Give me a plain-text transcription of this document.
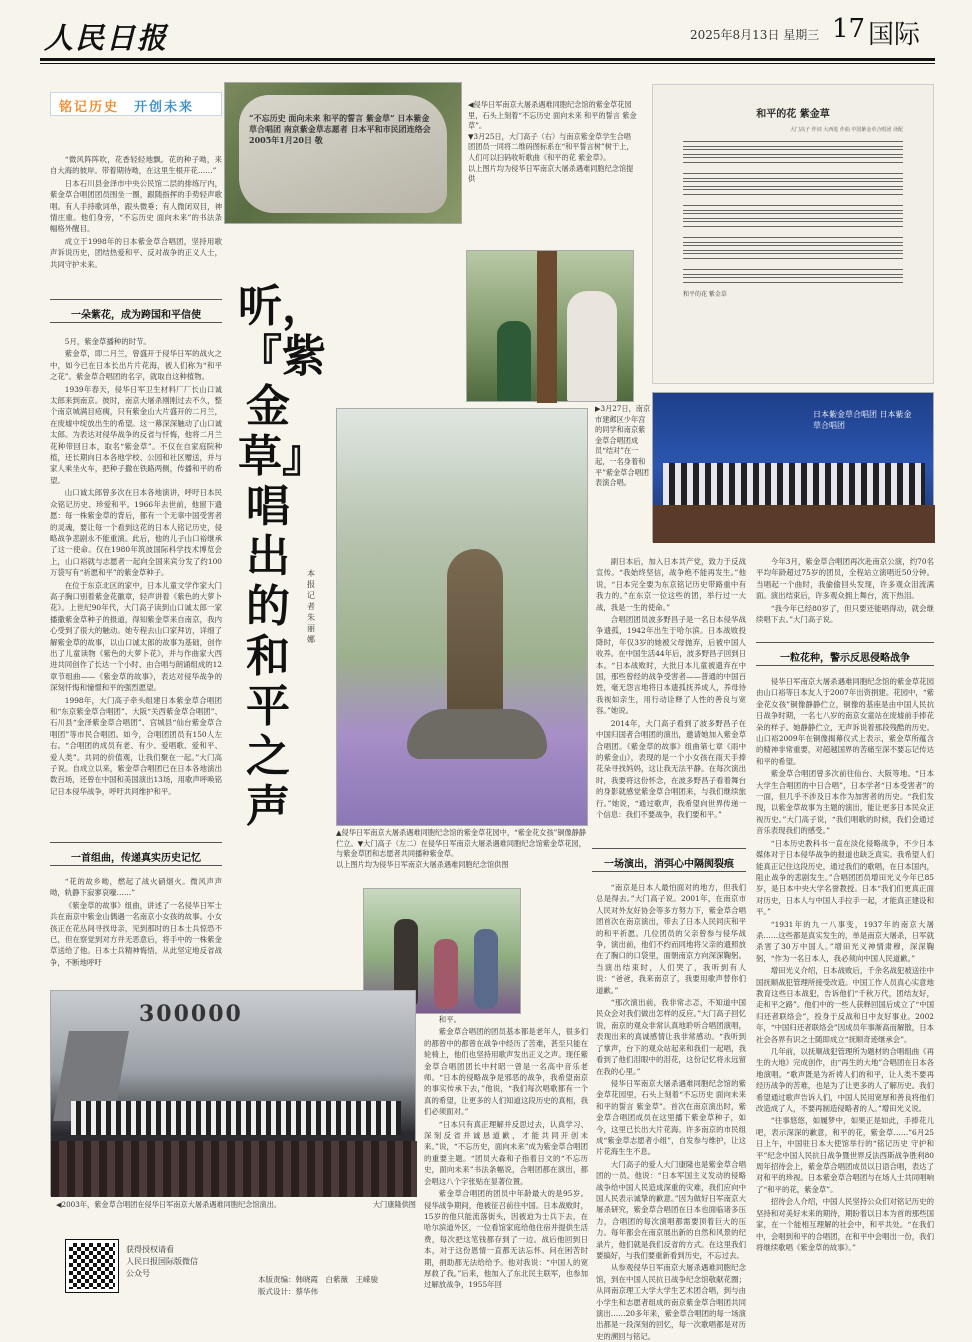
人民日报	2025年8月13日 星期三 17 国际
铭记历史　 开创未来

“微风阵阵吹，花香轻轻地飘。花的种子呦，来自大海的彼岸。带着期待呦，在这里生根开花……”

日本石川县金泽市中央公民馆二层的排练厅内，紫金草合唱团团员围坐一圈，跟随指挥的手势轻声歌唱。有人手持歌词单，跟头微垂；有人微闭双目，神情庄重。他们身旁，“不忘历史 面向未来”的书法条幅格外醒目。

成立于1998年的日本紫金草合唱团，坚持用歌声诉说历史，团结热爱和平、反对战争的正义人士，共同守护未来。

一朵紫花，成为跨国和平信使

5月，紫金草播种的时节。

紫金草，即二月兰，曾盛开于侵华日军的战火之中，如今已在日本长出片片花海，被人们称为“和平之花”。紫金草合唱团的名字，就取自这种植物。

1939年春天，侵华日军卫生材料厂厂长山口诚太郎来到南京。彼时，南京大屠杀刚刚过去不久，整个南京城满目疮痍，只有紫金山大片盛开的二月兰，在废墟中绽放出生的希望。这一幕深深触动了山口诚太郎。为表达对侵华战争的反省与忏悔，他将二月兰花种带回日本，取名“紫金草”。不仅在自家庭院种植，还长期向日本各地学校、公园和社区赠送，并与家人乘坐火车，把种子撒在铁路两侧，传播和平的希望。

山口诚太郎曾多次在日本各地演讲，呼吁日本民众铭记历史、珍爱和平。1966年去世前，他留下遗愿：每一株紫金草的背后，都有一个无辜中国受害者的灵魂，要让每一个看到这花的日本人铭记历史，侵略战争悲剧永不能重演。此后，他的儿子山口裕继承了这一使命。仅在1980年筑波国际科学技术博览会上，山口裕就与志愿者一起向全国来宾分发了约100万袋写有“祈愿和平”的紫金草种子。

在位于东京北区的家中，日本儿童文学作家大门高子胸口别着紫金花徽章，轻声讲着《紫色的大萝卜花》。上世纪90年代，大门高子读到山口诚太郎一家播撒紫金草种子的报道，得知紫金草来自南京，我内心受到了很大的触动。她专程去山口家拜访，详细了解紫金草的故事，以山口诚太郎的故事为基础，创作出了儿童读物《紫色的大萝卜花》，并与作曲家大西进共同创作了长达一个小时、由合唱与朗诵组成的12章节组曲——《紫金草的故事》，表达对侵华战争的深刻忏悔和憧憬和平的强烈愿望。

1998年，大门高子牵头组建日本紫金草合唱团和“东京紫金草合唱团”、大阪“关西紫金草合唱团”、石川县“金泽紫金草合唱团”、宫城县“仙台紫金草合唱团”等市民合唱团。如今，合唱团团员有150人左右。“合唱团的成员有老、有少、爱唱歌、爱和平、爱人类”。共同的价值观，让我们聚在一起。”大门高子说。自成立以来，紫金草合唱团已在日本各地演出数百场，还曾在中国和美国演出13场，用歌声呼唤铭记日本侵华战争，呼吁共同维护和平。

一首组曲，传递真实历史记忆

“花的故乡呦，燃起了战火硝烟火。微风声声呦，轨静下寂寥哀嚎……”

《紫金草的故事》组曲，讲述了一名侵华日军士兵在南京中紫金山偶遇一名南京小女孩的故事。小女孩正在花丛间寻找母亲，见到那时的日本士兵惊恐不已，但在察觉到对方并无恶意后，将手中的一株紫金草送给了他。日本士兵精神悔悟，从此坚定地反省战争，不断地呼吁

“不忘历史 面向未来 和平的誓言 紫金草” 日本紫金草合唱团 南京紫金草志愿者 日本平和市民团连络会 2005年1月20日 敬
◀侵华日军南京大屠杀遇难同胞纪念馆的紫金草花园里，石头上刻着“不忘历史 面向未来 和平的誓言 紫金草”。
▼3月25日，大门高子（右）与南京紫金草学生合唱团团员一同将二维码图标系在“和平誓言树”树干上，人们可以扫码收听歌曲《和平的花 紫金草》。
以上图片均为侵华日军南京大屠杀遇难同胞纪念馆提供
▶3月27日，南京市建邺区少年宫的同学和南京紫金草合唱团成员“结对”在一起，一名身着和平”紫金草合唱团表演合唱。
和平的花 紫金草
大门高子 作词 大西进 作曲 中国紫金草合唱团 译配
和平的花 紫金草
日本紫金草合唱团 日本紫金草合唱团
听，『紫金草』唱出的和平之声
本报记者 朱丽娜
▲侵华日军南京大屠杀遇难同胞纪念馆的紫金草花园中，“紫金花女孩”铜像静静伫立。▼大门高子（左二）在侵华日军南京大屠杀遇难同胞纪念馆紫金草花园，与紫金草团和志愿者共同播种紫金草。
以上图片均为侵华日军南京大屠杀遇难同胞纪念馆供图

副日本后，加入日本共产党，致力于反战宣传。“我始终坚信，战争绝不能再发生。”他说，“日本完全要为东京铭记历史带路重中有我力的。”在东京一位这些的团，举行过一大战，我是一生的使命。”

合唱团团员波多野昌子是一名日本侵华战争遗孤，1942年出生于哈尔滨。日本战败投降时，年仅3岁的她被父母抛弃，后被中国人收养。在中国生活44年后，波多野昌子回到日本。“日本战败时，大批日本儿童被遗弃在中国，那些曾经的战争受害者——普通的中国百姓，毫无怨言地将日本遗孤抚养成人，养母待我视如亲生，用行动诠释了人性的善良与宽容。”她说。

2014年，大门高子看到了波多野昌子在中国归国者合唱团的演出，邀请她加入紫金草合唱团。《紫金草的故事》组曲第七章《雨中的紫金山》，表现的是一个小女孩在雨天手捧花朵寻找妈妈，这让我无法平静。在每次演出时，我要将这份怀念，在波多野昌子看着舞台的身影就感觉紫金草合唱团来，与我们继续旅行。”她说，“通过歌声，我希望向世界传递一个信息：我们不要战争，我们要和平。”

一场演出，消弭心中隔阂裂痕

“南京是日本人最怕面对的地方，但我们总是得去。”大门高子说。2001年，在南京市人民对外友好协会等多方努力下，紫金草合唱团首次在南京演出，带去了日本人民同庆和平的和平祈愿。几位团员的父亲曾参与侵华战争，演出前，他们不约而同地将父亲的遗照放在了胸口的口袋里，面朝南京方向深深鞠躬。当演出结束时，人们哭了，我听到有人说：“爸爸，我来南京了，我要用歌声替你们道歉。”

“那次演出前，我非常忐忑，不知道中国民众会对我们做出怎样的反应。”大门高子回忆说，南京的观众非常认真地聆听合唱团演唱，表现出来的真诚感情让我非常感动。“我听到了掌声，台下的观众站起来和我们一起唱，我看到了他们泪眼中的泪花，这份记忆将永远留在我的心里。”

侵华日军南京大屠杀遇难同胞纪念馆的紫金草花园里，石头上刻着“不忘历史 面向未来 和平的誓言 紫金草”。首次在南京演出时，紫金草合唱团成员在这里播下紫金草种子，如今，这里已长出大片花海。许多南京的市民组成“紫金草志愿者小组”，自发参与维护，让这片花海生生不息。

大门高子的爱人大门康隆也是紫金草合唱团的一员。他说：“日本军国主义发动的侵略战争给中国人民造成深重的灾难，我们应向中国人民表示诚挚的歉意。”因为做好日军南京大屠杀研究，紫金草合唱团在日本也面临诸多压力，合唱团的每次演唱都需要顶着巨大的压力。每年都会在南京展出新的自然和风景的纪录片，他们就是我们反省的方式。在这里我们要搞好，与我们要重新看到历史，不忘过去。

从参观侵华日军南京大屠杀遇难同胞纪念馆，到在中国人民抗日战争纪念馆敬献花圈；从同南京理工大学大学生艺术团合唱，到与由小学生和志愿者组成的南京紫金草合唱团共同演出……20多年来，紫金草合唱团的每一场演出都是一段深刻的回忆，每一次歌唱都是对历史的溯回与铭记。

和平。

紫金草合唱团的团员基本都是老年人，很多们的都曾中的都曾在战争中经历了苦难，甚至只能在轮椅上，他们也坚持用歌声发出正义之声。现任紫金草合唱团团长中村昭一曾是一名高中音乐老师。“日本的侵略战争是邪恶的战争，我希望南京的事实传承下去，”他说，“我们每次唱歌都有一个真的希望，让更多的人们知道这段历史的真相，我们必须面对。”

“日本只有真正理解并反思过去，认真学习、深刻反省并诚恳道歉，才能共同开创未来。”说，“不忘历史，面向未来”成为紫金草合唱团的重要主题。“团员大森和子指着日文的“不忘历史，面向未来”书法条幅说，合唱团都在演出，都会唱这八个字张贴在显著位置。

紫金草合唱团的团员中年龄最大的是95岁。侵华战争期间，他被征召前往中国。日本战败时，15岁的他只能流落街头，因被迫为士兵下去，在哈尔滨道外区，一位看馆家庭给他住宿并提供生活费，每次把这笔钱都存到了一边。战后他回到日本，对于这份恩情一直都无法忘怀。问在困苦时期，捐助都无法给给予。他对我说：“中国人的宽厚救了我。”后来，他加入了东北民主联军，也参加过解放战争，1955年回

今年3月，紫金草合唱团再次赴南京公演，约70名平均年龄超过75岁的团员，全程站立演唱近50分钟。当唱起一个曲时，我偷偷回头发现，许多观众泪流满面。演出结束后，许多观众拥上舞台，流下热泪。

“我今年已经80岁了，但只要还能唱得动，就会继续唱下去。”大门高子说。

一粒花种，警示反思侵略战争

侵华日军南京大屠杀遇难同胞纪念馆的紫金草花园由山口裕等日本友人于2007年出资捐建。花园中，“紫金花女孩”铜像静静伫立，铜像的基座是由中国人民抗日战争时期，一名七八岁的南京女童站在废墟前手捧花朵的样子。她静静伫立，无声诉说着那段残酷的历史。山口裕2009年在铜像揭幕仪式上表示，紫金草所蕴含的精神非常重要，对超越国界的苦痛至深不要忘记传达和平的希望。

紫金草合唱团曾多次前往仙台、大阪等地。“日本大学生合唱团的中日合唱”，日本学者“日本受害者”的一面，但几乎不涉及日本作为加害者的历史。“我们发现，以紫金草故事为主题的演出，能让更多日本民众正视历史。”大门高子说，“我们唱歌的时候，我们会通过音乐表现我们的感受。”

“日本历史教科书一直在淡化侵略战争，不少日本媒体对于日本侵华战争的报道也缺乏真实。我希望人们能真正记住这段历史，通过我们的歌唱，在日本国内，阻止战争的悲剧发生。”合唱团团员增田光义今年已85岁，是日本中央大学名誉教授。日本“我们们更真正面对历史，日本人与中国人手拉手一起，才能真正建设和平。”

“1931年的九一八事变，1937年的南京大屠杀……这些都是真实发生的，单是南京大屠杀，日军就杀害了30万中国人。”增田光义神情肃穆，深深鞠躬，“作为一名日本人，我必须向中国人民道歉。”

增田光义介绍，日本战败后，千余名战犯被送往中国抚顺战犯管理所接受改造。中国工作人员真心实意地教育这些日本战犯，告诉他们“千秋万代，团结友好，走和平之路”。他们中的一些人获释回国后成立了“中国归还者联络会”，投身于反战和日中友好事业。2002年，“中国归还者联络会”因成员年事渐高而解散，日本社会各界有识之士随即成立“抚顺奇迹继承会”。

几年前，以抚顺战犯管理所为题材的合唱组曲《再生的大地》完成创作，由“再生的大地”合唱团在日本各地演唱。“歌声既是为祈祷人们的和平，让人类不要再经历战争的苦难，也是为了让更多的人了解历史。我们希望通过歌声告诉人们，中国人民用宽厚和善良将他们改造成了人，不要再制造侵略者的人。”增田光义说。

“往事悠悠，如履梦中，如果正是如此，手捧花儿吧，表示深深的歉意，和平的花，紫金草……”6月25日上午，中国驻日本大使馆举行的“铭记历史 守护和平”纪念中国人民抗日战争暨世界反法西斯战争胜利80周年招待会上，紫金草合唱团成员以日语合唱，表达了对和平的珍视。日本紫金草合唱团与在场人士共同唱响了“和平的花，紫金草”。

招待会人介绍，中国人民坚持公众们对铭记历史的坚持和对美好未来的期待，期盼着以日本为首的那些国家，在一个能相互理解的社会中，和平共处。“在我们中，会唱到和平的合唱团，在和平中会唱出一份，我们将继续歌唱《紫金草的故事》。”

300000
◀2003年，紫金草合唱团在侵华日军南京大屠杀遇难同胞纪念馆演出。	大门康隆供图
获得授权请看
人民日报国际版微信
公众号
本版责编：韩晓霞　白紫薇　王嵘骏
版式设计：蔡华伟
